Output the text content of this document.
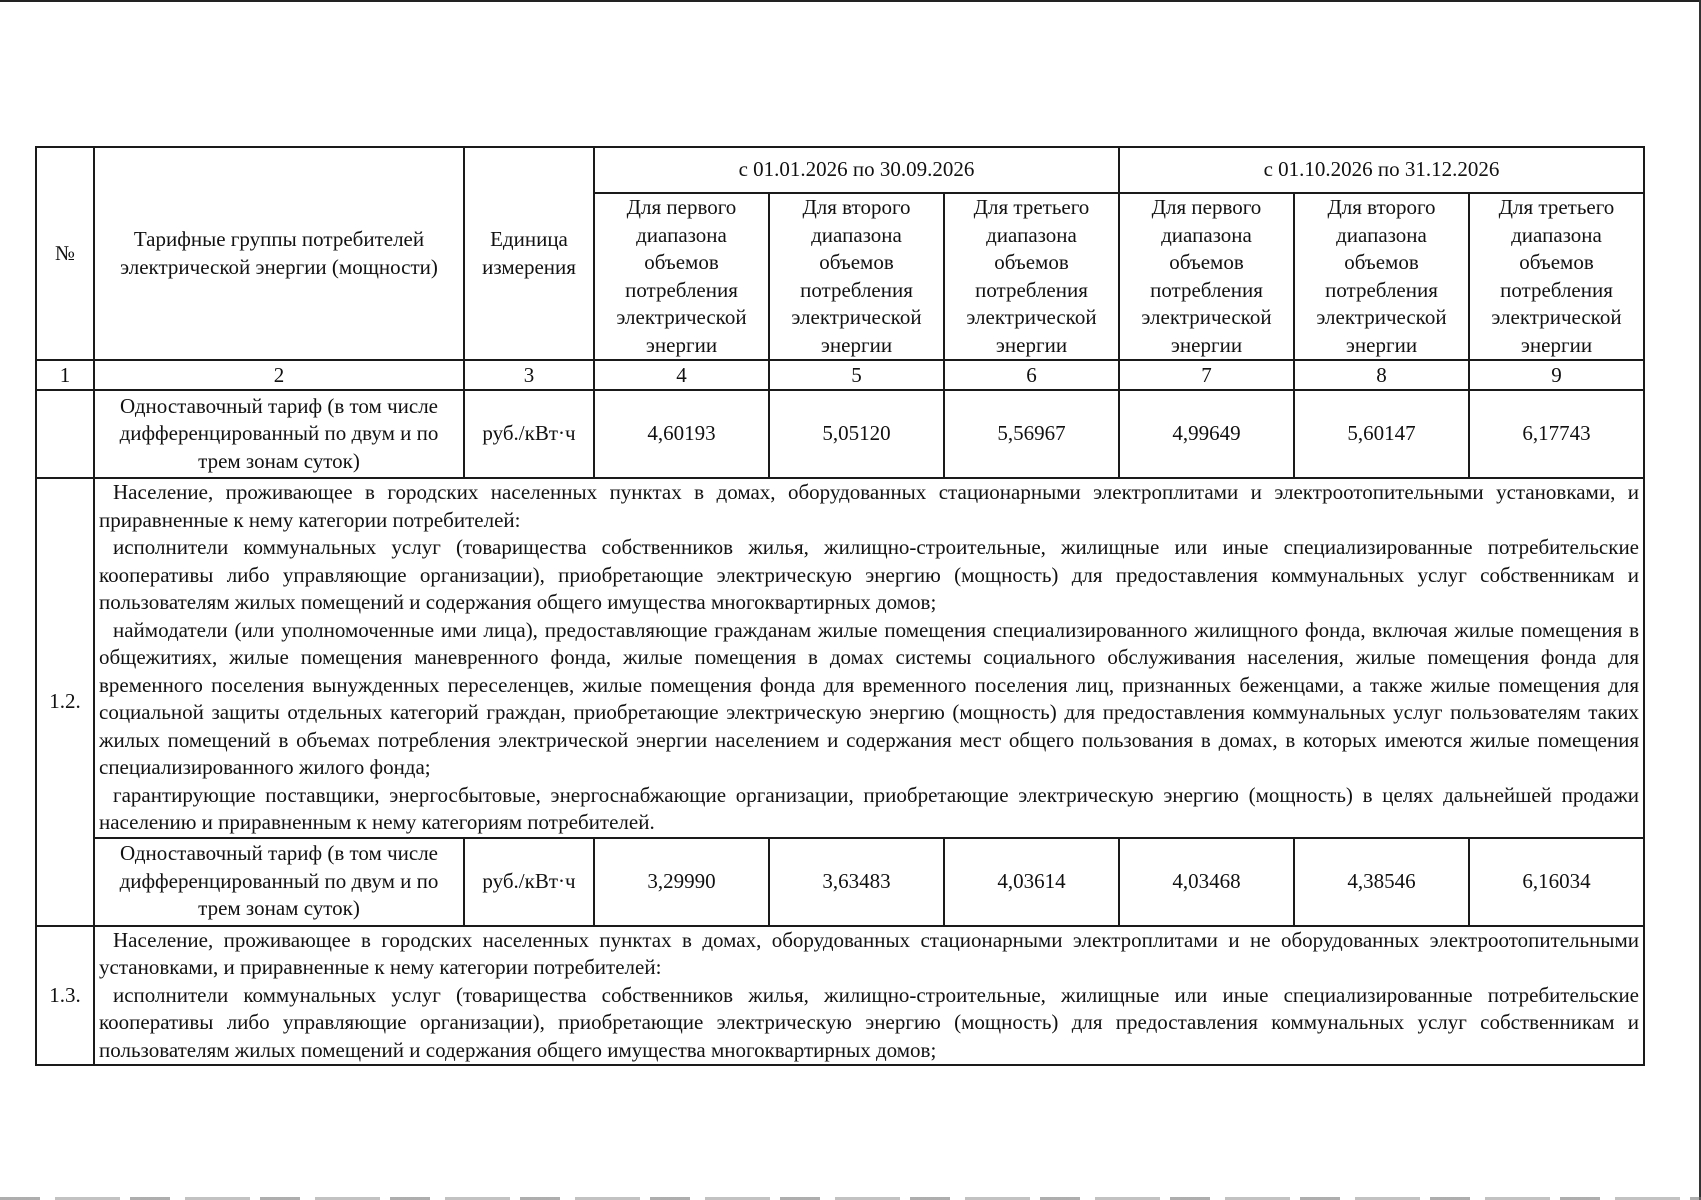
№	Тарифные группы потребителей электрической энергии (мощности)	Единица измерения	с 01.01.2026 по 30.09.2026			с 01.10.2026 по 31.12.2026		
			Для первого диапазона объемов потребления электрической энергии	Для второго диапазона объемов потребления электрической энергии	Для третьего диапазона объемов потребления электрической энергии	Для первого диапазона объемов потребления электрической энергии	Для второго диапазона объемов потребления электрической энергии	Для третьего диапазона объемов потребления электрической энергии
1	2	3	4	5	6	7	8	9
	Одноставочный тариф (в том числе дифференцированный по двум и по трем зонам суток)	руб./кВт·ч	4,60193	5,05120	5,56967	4,99649	5,60147	6,17743
1.2.	Население, проживающее в городских населенных пунктах в домах, оборудованных стационарными электроплитами и электроотопительными установками, и приравненные к нему категории потребителей:

исполнители коммунальных услуг (товарищества собственников жилья, жилищно-строительные, жилищные или иные специализированные потребительские кооперативы либо управляющие организации), приобретающие электрическую энергию (мощность) для предоставления коммунальных услуг собственникам и пользователям жилых помещений и содержания общего имущества многоквартирных домов;

наймодатели (или уполномоченные ими лица), предоставляющие гражданам жилые помещения специализированного жилищного фонда, включая жилые помещения в общежитиях, жилые помещения маневренного фонда, жилые помещения в домах системы социального обслуживания населения, жилые помещения фонда для временного поселения вынужденных переселенцев, жилые помещения фонда для временного поселения лиц, признанных беженцами, а также жилые помещения для социальной защиты отдельных категорий граждан, приобретающие электрическую энергию (мощность) для предоставления коммунальных услуг пользователям таких жилых помещений в объемах потребления электрической энергии населением и содержания мест общего пользования в домах, в которых имеются жилые помещения специализированного жилого фонда;

гарантирующие поставщики, энергосбытовые, энергоснабжающие организации, приобретающие электрическую энергию (мощность) в целях дальнейшей продажи населению и приравненным к нему категориям потребителей.							

	Одноставочный тариф (в том числе дифференцированный по двум и по трем зонам суток)	руб./кВт·ч	3,29990	3,63483	4,03614	4,03468	4,38546	6,16034
1.3.	Население, проживающее в городских населенных пунктах в домах, оборудованных стационарными электроплитами и не оборудованных электроотопительными установками, и приравненные к нему категории потребителей:

исполнители коммунальных услуг (товарищества собственников жилья, жилищно-строительные, жилищные или иные специализированные потребительские кооперативы либо управляющие организации), приобретающие электрическую энергию (мощность) для предоставления коммунальных услуг собственникам и пользователям жилых помещений и содержания общего имущества многоквартирных домов;							
